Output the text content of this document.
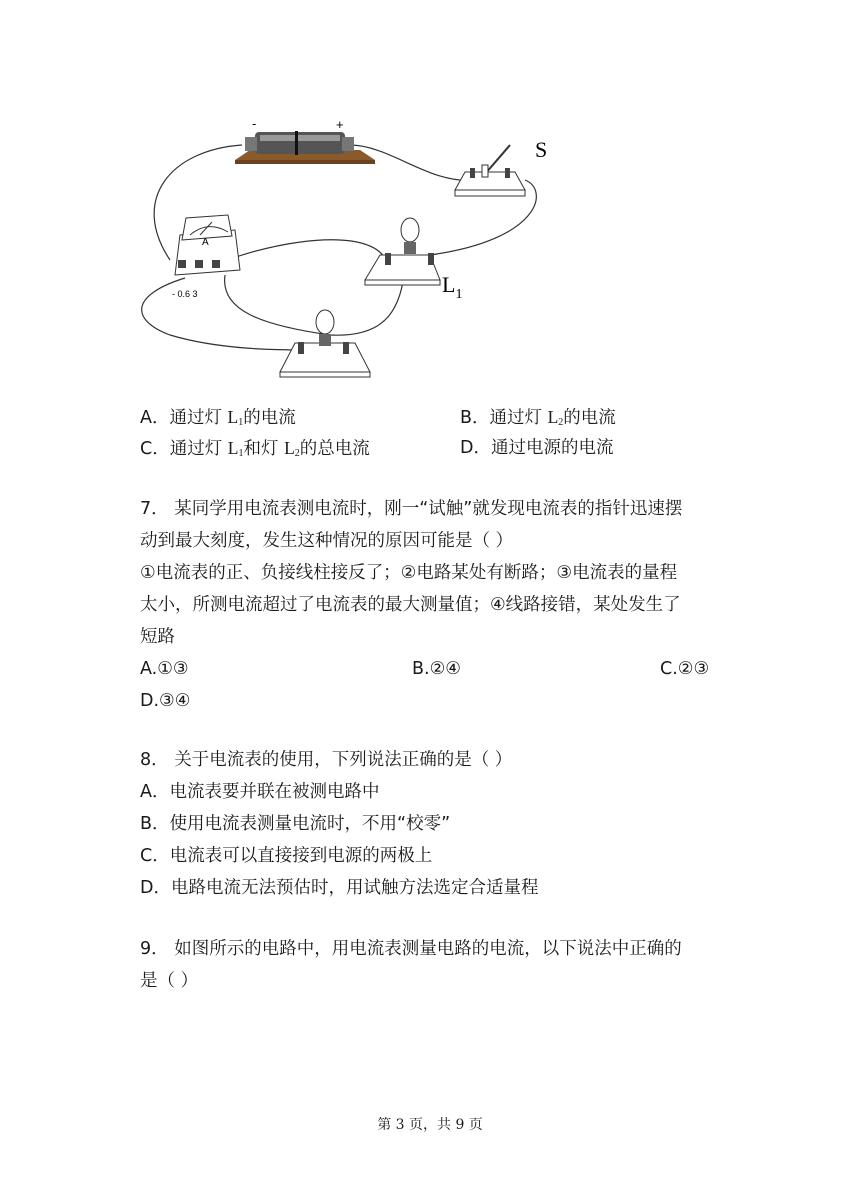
-	+
S
A
- 0.6 3	$L_1$
A．通过灯 $L_1$的电流	B．通过灯 $L_2$的电流
C．通过灯 $L_1$和灯 $L_2$的总电流	D．通过电源的电流
7． 某同学用电流表测电流时，刚一“试触”就发现电流表的指针迅速摆
动到最大刻度，发生这种情况的原因可能是（ ）
①电流表的正、负接线柱接反了；②电路某处有断路；③电流表的量程
太小，所测电流超过了电流表的最大测量值；④线路接错，某处发生了
短路
A.①③	B.②④	C.②③
D.③④
8． 关于电流表的使用，下列说法正确的是（ ）
A．电流表要并联在被测电路中
B．使用电流表测量电流时，不用“校零”
C．电流表可以直接接到电源的两极上
D．电路电流无法预估时，用试触方法选定合适量程
9． 如图所示的电路中，用电流表测量电路的电流，以下说法中正确的
是（ ）
第 3 页，共 9 页
